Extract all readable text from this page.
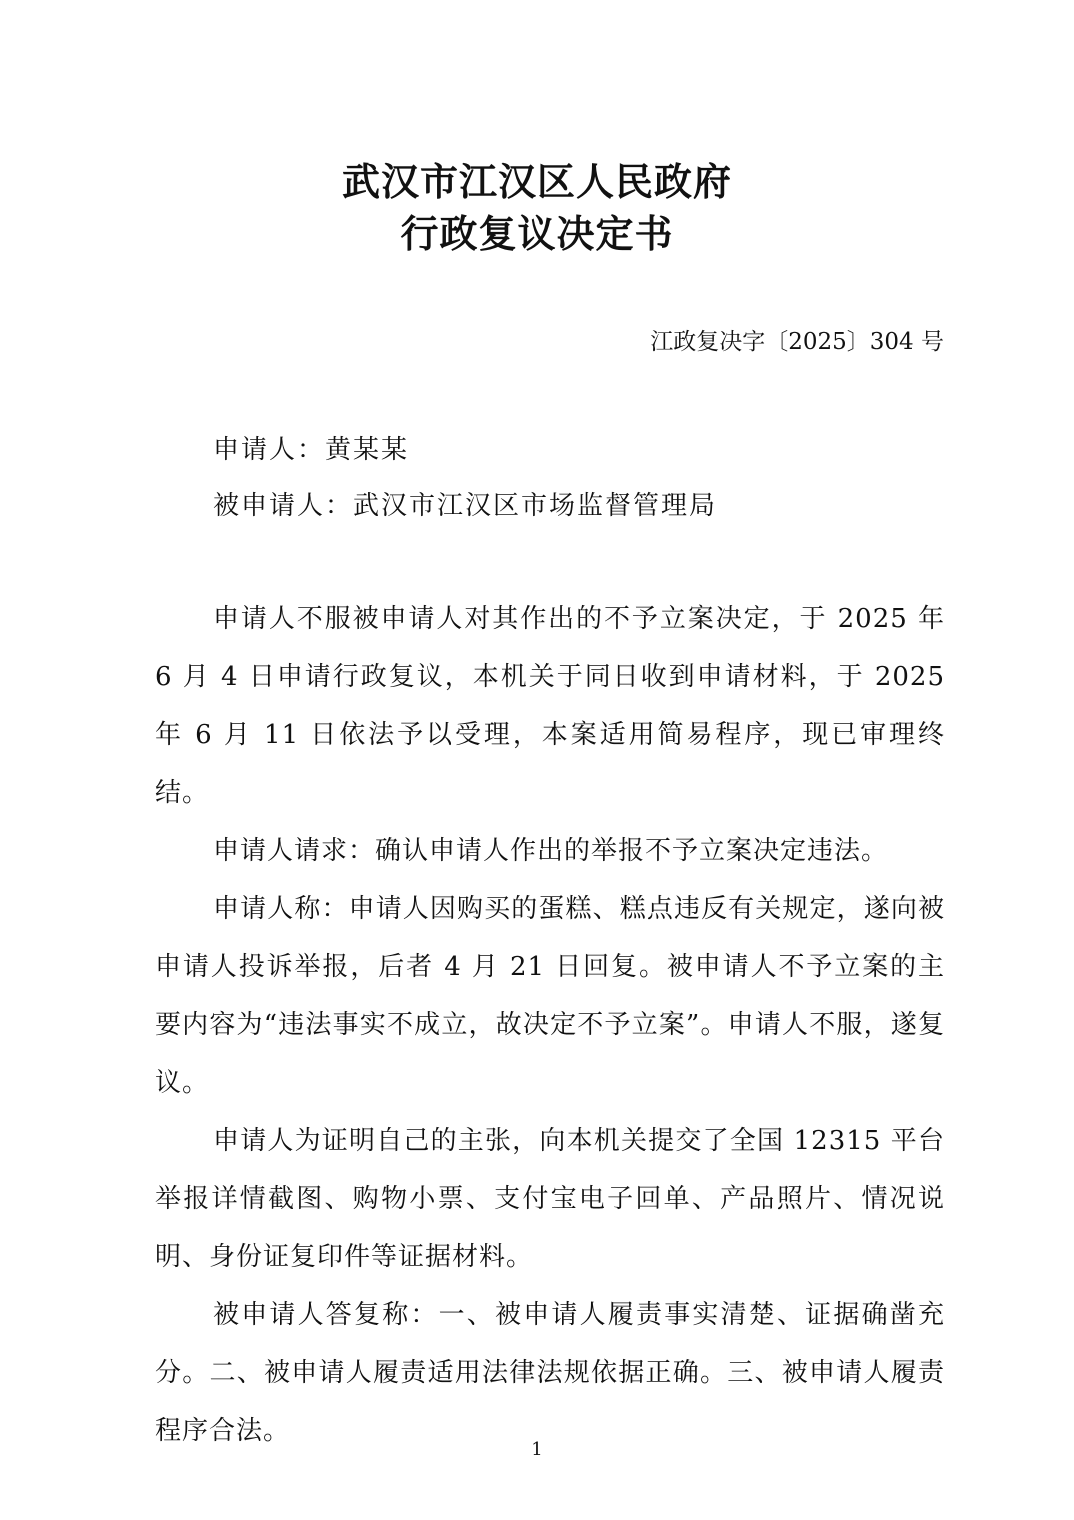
武汉市江汉区人民政府
行政复议决定书
江政复决字〔2025〕304 号
申请人：黄某某
被申请人：武汉市江汉区市场监督管理局

申请人不服被申请人对其作出的不予立案决定，于 2025 年 6 月 4 日申请行政复议，本机关于同日收到申请材料，于 2025 年 6 月 11 日依法予以受理，本案适用简易程序，现已审理终结。

申请人请求：确认申请人作出的举报不予立案决定违法。

申请人称：申请人因购买的蛋糕、糕点违反有关规定，遂向被申请人投诉举报，后者 4 月 21 日回复。被申请人不予立案的主要内容为“违法事实不成立，故决定不予立案”。申请人不服，遂复议。

申请人为证明自己的主张，向本机关提交了全国 12315 平台举报详情截图、购物小票、支付宝电子回单、产品照片、情况说明、身份证复印件等证据材料。

被申请人答复称：一、被申请人履责事实清楚、证据确凿充分。二、被申请人履责适用法律法规依据正确。三、被申请人履责程序合法。

1
